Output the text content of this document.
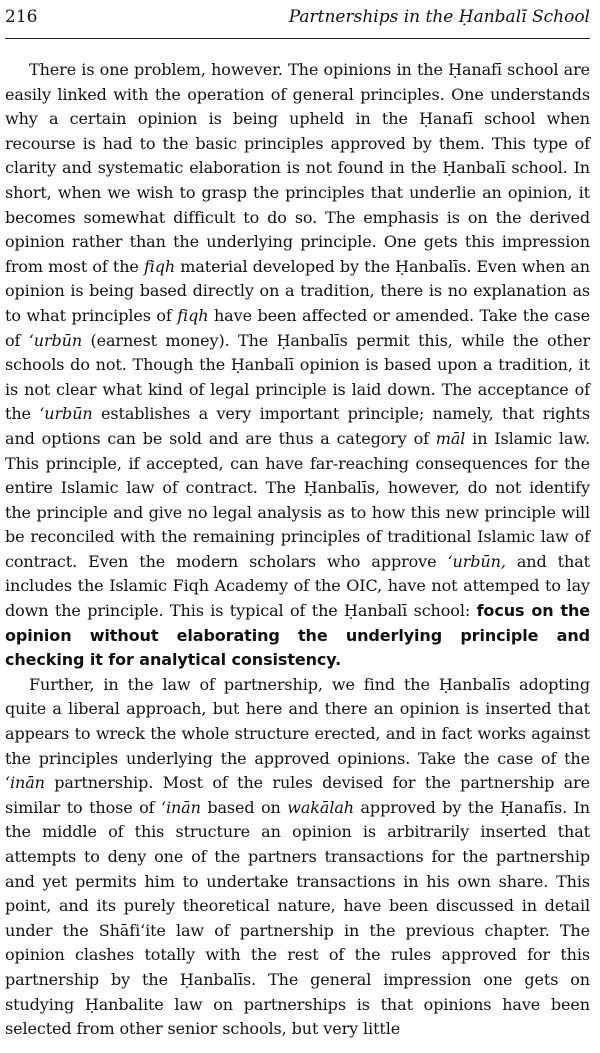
216	Partnerships in the Ḥanbalī School

There is one problem, however. The opinions in the Ḥanafī school are easily linked with the operation of general principles. One understands why a certain opinion is being upheld in the Ḥanafī school when recourse is had to the basic principles approved by them. This type of clarity and systematic elaboration is not found in the Ḥanbalī school. In short, when we wish to grasp the principles that underlie an opinion, it becomes somewhat difficult to do so. The emphasis is on the derived opinion rather than the underlying principle. One gets this impression from most of the fiqh material developed by the Ḥanbalīs. Even when an opinion is being based directly on a tradition, there is no explanation as to what principles of fiqh have been affected or amended. Take the case of ‘urbūn (earnest money). The Ḥanbalīs permit this, while the other schools do not. Though the Ḥanbalī opinion is based upon a tradition, it is not clear what kind of legal principle is laid down. The acceptance of the ‘urbūn establishes a very important principle; namely, that rights and options can be sold and are thus a category of māl in Islamic law. This principle, if accepted, can have far-reaching consequences for the entire Islamic law of contract. The Ḥanbalīs, however, do not identify the principle and give no legal analysis as to how this new principle will be reconciled with the remaining principles of traditional Islamic law of contract. Even the modern scholars who approve ‘urbūn, and that includes the Islamic Fiqh Academy of the OIC, have not attemped to lay down the principle. This is typical of the Ḥanbalī school: focus on the opinion without elaborating the underlying principle and checking it for analytical consistency.

Further, in the law of partnership, we find the Ḥanbalīs adopting quite a liberal approach, but here and there an opinion is inserted that appears to wreck the whole structure erected, and in fact works against the principles underlying the approved opinions. Take the case of the ‘inān partnership. Most of the rules devised for the partnership are similar to those of ‘inān based on wakālah approved by the Ḥanafīs. In the middle of this structure an opinion is arbitrarily inserted that attempts to deny one of the partners transactions for the partnership and yet permits him to undertake transactions in his own share. This point, and its purely theoretical nature, have been discussed in detail under the Shāfi‘ite law of partnership in the previous chapter. The opinion clashes totally with the rest of the rules approved for this partnership by the Ḥanbalīs. The general impression one gets on studying Ḥanbalite law on partnerships is that opinions have been selected from other senior schools, but very little
